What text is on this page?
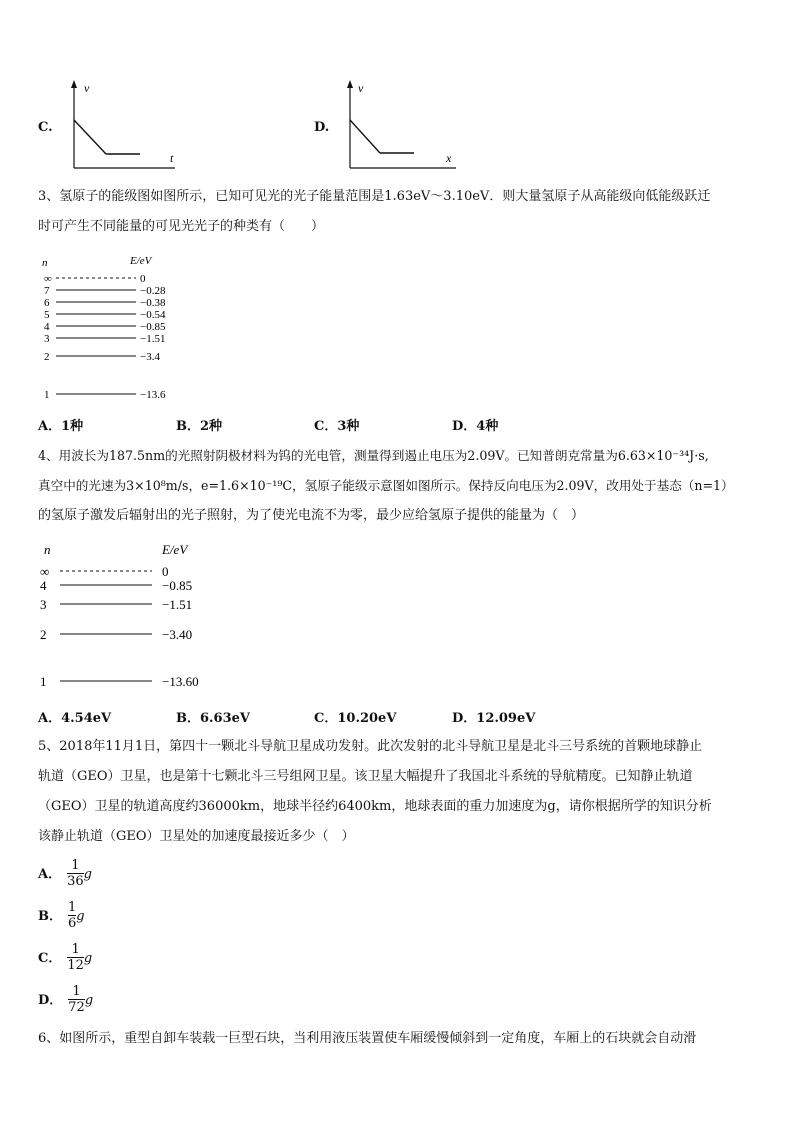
C.
v
t
D.
v
x
3、氢原子的能级图如图所示，已知可见光的光子能量范围是1.63eV～3.10eV．则大量氢原子从高能级向低能级跃迁
时可产生不同能量的可见光光子的种类有（　　）
n	E/eV
∞	0
7	−0.28
6	−0.38
5	−0.54
4	−0.85
3	−1.51
2	−3.4
1	−13.6
A．1种	B．2种	C．3种	D．4种
4、用波长为187.5nm的光照射阴极材料为钨的光电管，测量得到遏止电压为2.09V。已知普朗克常量为6.63×10⁻³⁴J·s,
真空中的光速为3×10⁸m/s，e=1.6×10⁻¹⁹C，氢原子能级示意图如图所示。保持反向电压为2.09V，改用处于基态（n=1）
的氢原子激发后辐射出的光子照射，为了使光电流不为零，最少应给氢原子提供的能量为（　）
n	E/eV
∞	0
4	−0.85
3	−1.51
2	−3.40
1	−13.60
A．4.54eV	B．6.63eV	C．10.20eV	D．12.09eV
5、2018年11月1日，第四十一颗北斗导航卫星成功发射。此次发射的北斗导航卫星是北斗三号系统的首颗地球静止
轨道（GEO）卫星，也是第十七颗北斗三号组网卫星。该卫星大幅提升了我国北斗系统的导航精度。已知静止轨道
（GEO）卫星的轨道高度约36000km，地球半径约6400km，地球表面的重力加速度为g，请你根据所学的知识分析
该静止轨道（GEO）卫星处的加速度最接近多少（　）
A． $\frac{1}{36}$ g
B． $\frac{1}{6}$ g
C． $\frac{1}{12}$ g
D． $\frac{1}{72}$ g
6、如图所示，重型自卸车装载一巨型石块，当利用液压装置使车厢缓慢倾斜到一定角度，车厢上的石块就会自动滑
